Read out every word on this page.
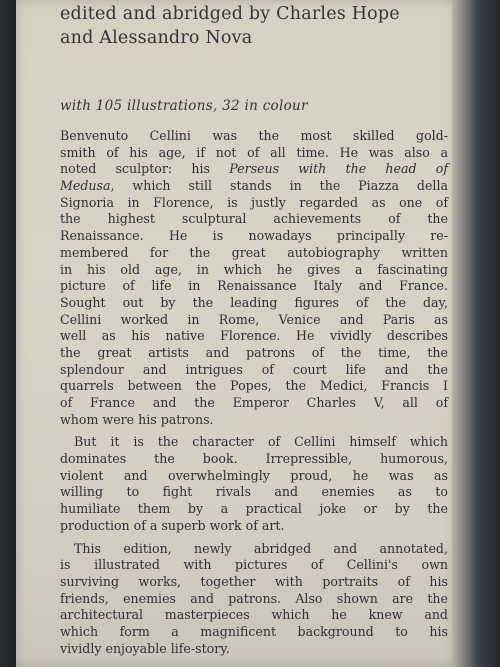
edited and abridged by Charles Hope
and Alessandro Nova
with 105 illustrations, 32 in colour
Benvenuto Cellini was the most skilled gold-
smith of his age, if not of all time. He was also a
noted sculptor: his Perseus with the head of
Medusa, which still stands in the Piazza della
Signoria in Florence, is justly regarded as one of
the highest sculptural achievements of the
Renaissance. He is nowadays principally re-
membered for the great autobiography written
in his old age, in which he gives a fascinating
picture of life in Renaissance Italy and France.
Sought out by the leading figures of the day,
Cellini worked in Rome, Venice and Paris as
well as his native Florence. He vividly describes
the great artists and patrons of the time, the
splendour and intrigues of court life and the
quarrels between the Popes, the Medici, Francis I
of France and the Emperor Charles V, all of
whom were his patrons.
But it is the character of Cellini himself which
dominates the book. Irrepressible, humorous,
violent and overwhelmingly proud, he was as
willing to fight rivals and enemies as to
humiliate them by a practical joke or by the
production of a superb work of art.
This edition, newly abridged and annotated,
is illustrated with pictures of Cellini's own
surviving works, together with portraits of his
friends, enemies and patrons. Also shown are the
architectural masterpieces which he knew and
which form a magnificent background to his
vividly enjoyable life-story.
